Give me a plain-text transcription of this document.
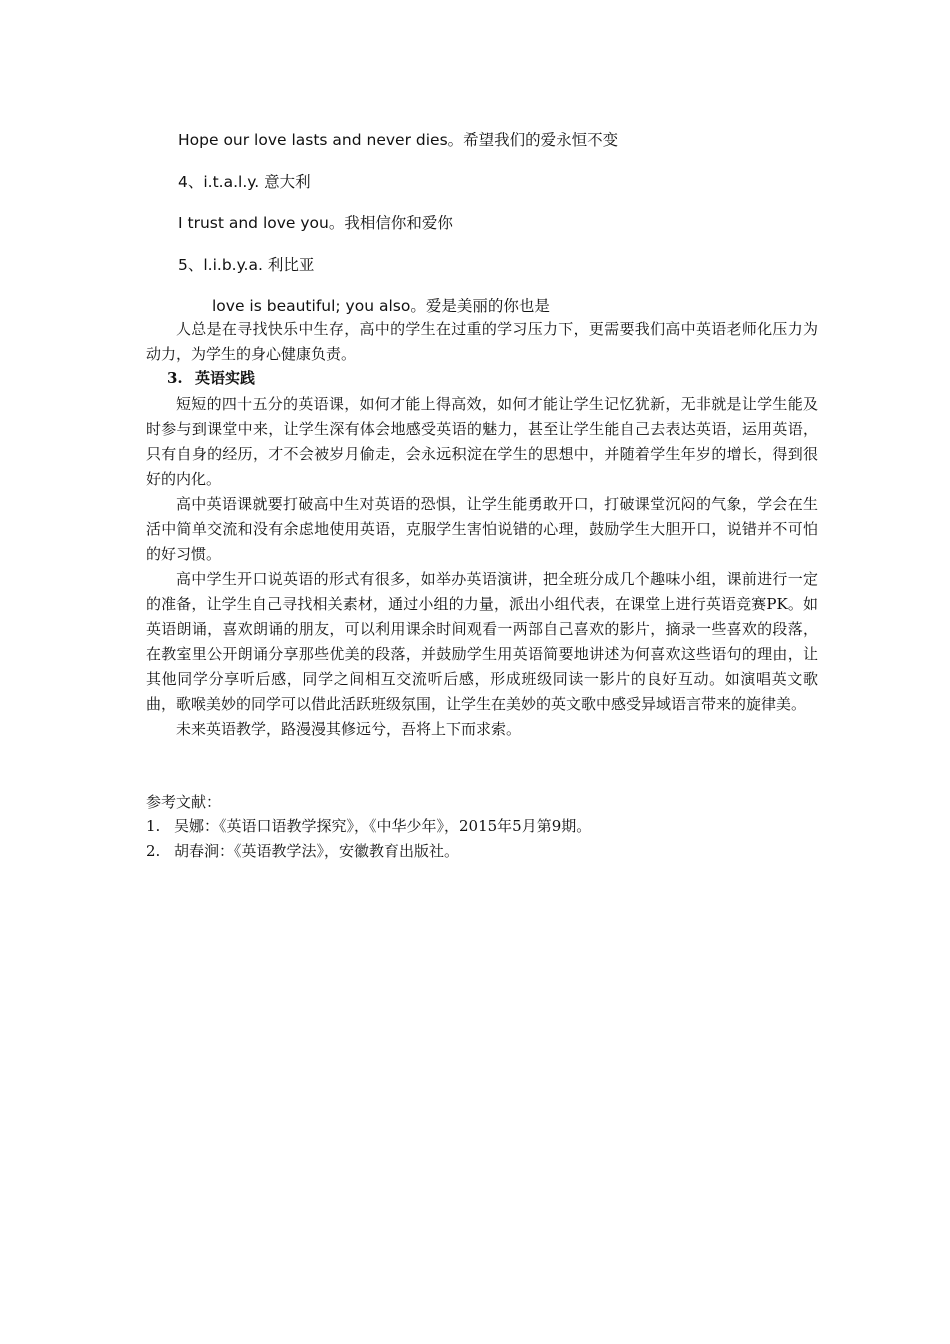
Hope our love lasts and never dies。希望我们的爱永恒不变
4、i.t.a.l.y. 意大利
I trust and love you。我相信你和爱你
5、l.i.b.y.a. 利比亚
love is beautiful; you also。爱是美丽的你也是

人总是在寻找快乐中生存，高中的学生在过重的学习压力下，更需要我们高中英语老师化压力为动力，为学生的身心健康负责。

3. 英语实践

短短的四十五分的英语课，如何才能上得高效，如何才能让学生记忆犹新，无非就是让学生能及时参与到课堂中来，让学生深有体会地感受英语的魅力，甚至让学生能自己去表达英语，运用英语，只有自身的经历，才不会被岁月偷走，会永远积淀在学生的思想中，并随着学生年岁的增长，得到很好的内化。

高中英语课就要打破高中生对英语的恐惧，让学生能勇敢开口，打破课堂沉闷的气象，学会在生活中简单交流和没有余虑地使用英语，克服学生害怕说错的心理，鼓励学生大胆开口，说错并不可怕的好习惯。

高中学生开口说英语的形式有很多，如举办英语演讲，把全班分成几个趣味小组，课前进行一定的准备，让学生自己寻找相关素材，通过小组的力量，派出小组代表，在课堂上进行英语竞赛PK。如英语朗诵，喜欢朗诵的朋友，可以利用课余时间观看一两部自己喜欢的影片，摘录一些喜欢的段落，在教室里公开朗诵分享那些优美的段落，并鼓励学生用英语简要地讲述为何喜欢这些语句的理由，让其他同学分享听后感，同学之间相互交流听后感，形成班级同读一影片的良好互动。如演唱英文歌曲，歌喉美妙的同学可以借此活跃班级氛围，让学生在美妙的英文歌中感受异域语言带来的旋律美。

未来英语教学，路漫漫其修远兮，吾将上下而求索。

参考文献：
1. 吴娜：《英语口语教学探究》，《中华少年》，2015年5月第9期。
2. 胡春涧：《英语教学法》，安徽教育出版社。
